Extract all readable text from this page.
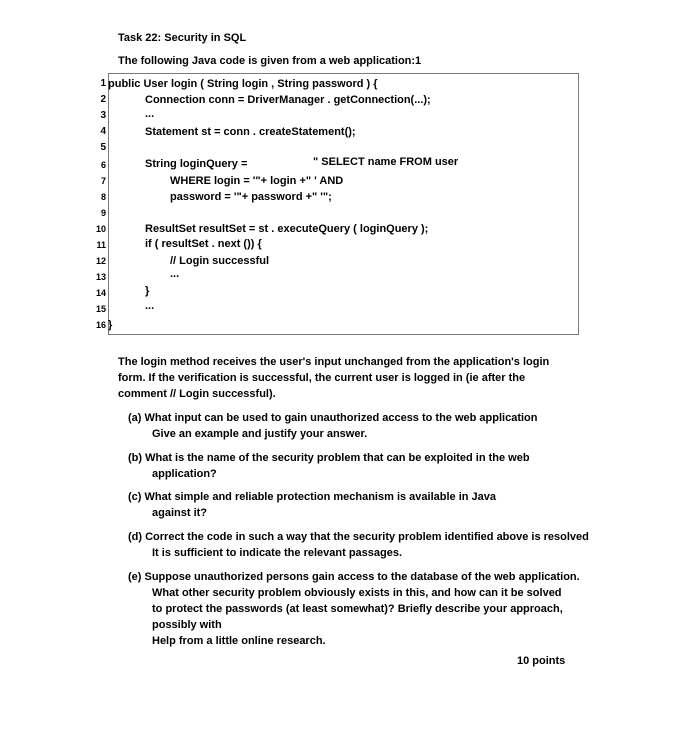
Task 22: Security in SQL
The following Java code is given from a web application:1
1
2
3
4
5
6
7
8
9
10
11
12
13
14
15
16
public User login ( String login , String password ) {
Connection conn = DriverManager . getConnection(...);
...
Statement st = conn . createStatement();
String loginQuery =	" SELECT name FROM user
WHERE login = '"+ login +" ' AND
password = '"+ password +" '";
ResultSet resultSet = st . executeQuery ( loginQuery );
if ( resultSet . next ()) {
// Login successful
...
}
...
}
The login method receives the user's input unchanged from the application's login
form. If the verification is successful, the current user is logged in (ie after the
comment // Login successful).
(a) What input can be used to gain unauthorized access to the web application
Give an example and justify your answer.
(b) What is the name of the security problem that can be exploited in the web
application?
(c) What simple and reliable protection mechanism is available in Java
against it?
(d) Correct the code in such a way that the security problem identified above is resolved
It is sufficient to indicate the relevant passages.
(e) Suppose unauthorized persons gain access to the database of the web application.
What other security problem obviously exists in this, and how can it be solved
to protect the passwords (at least somewhat)? Briefly describe your approach,
possibly with
Help from a little online research.
10 points
